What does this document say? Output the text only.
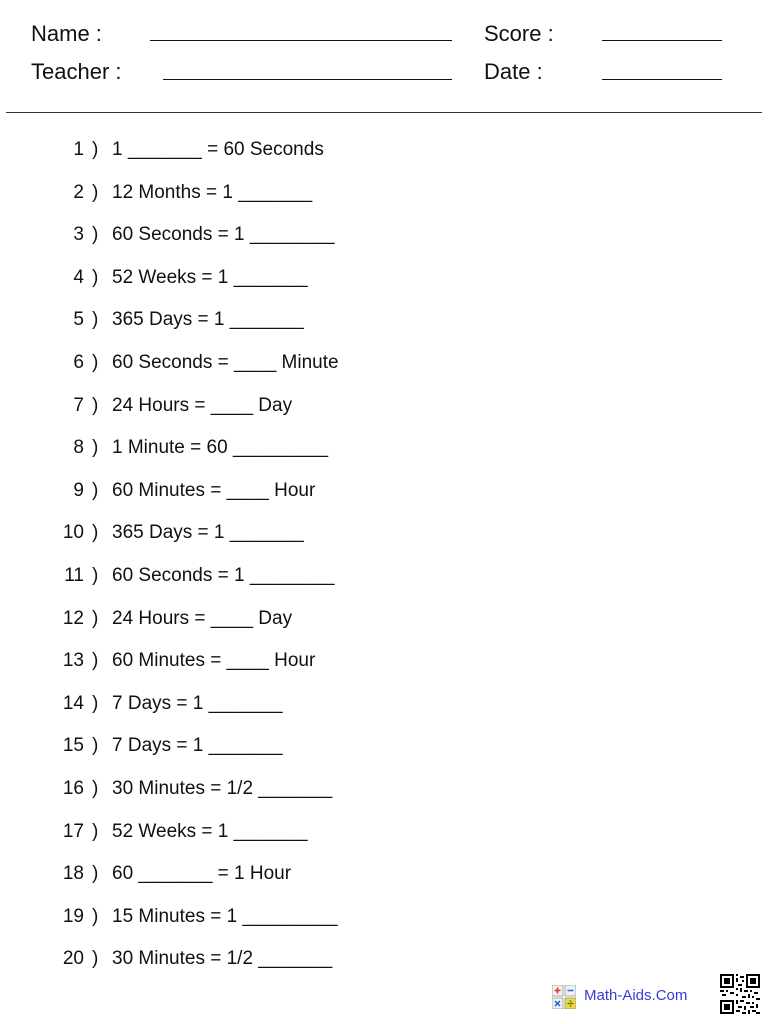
Name :
Teacher :
Score :
Date :
1 ) 1 _______ = 60 Seconds
2 ) 12 Months = 1 _______
3 ) 60 Seconds = 1 ________
4 ) 52 Weeks = 1 _______
5 ) 365 Days = 1 _______
6 ) 60 Seconds = ____ Minute
7 ) 24 Hours = ____ Day
8 ) 1 Minute = 60 _________
9 ) 60 Minutes = ____ Hour
10 ) 365 Days = 1 _______
11 ) 60 Seconds = 1 ________
12 ) 24 Hours = ____ Day
13 ) 60 Minutes = ____ Hour
14 ) 7 Days = 1 _______
15 ) 7 Days = 1 _______
16 ) 30 Minutes = 1/2 _______
17 ) 52 Weeks = 1 _______
18 ) 60 _______ = 1 Hour
19 ) 15 Minutes = 1 _________
20 ) 30 Minutes = 1/2 _______
Math-Aids.Com
